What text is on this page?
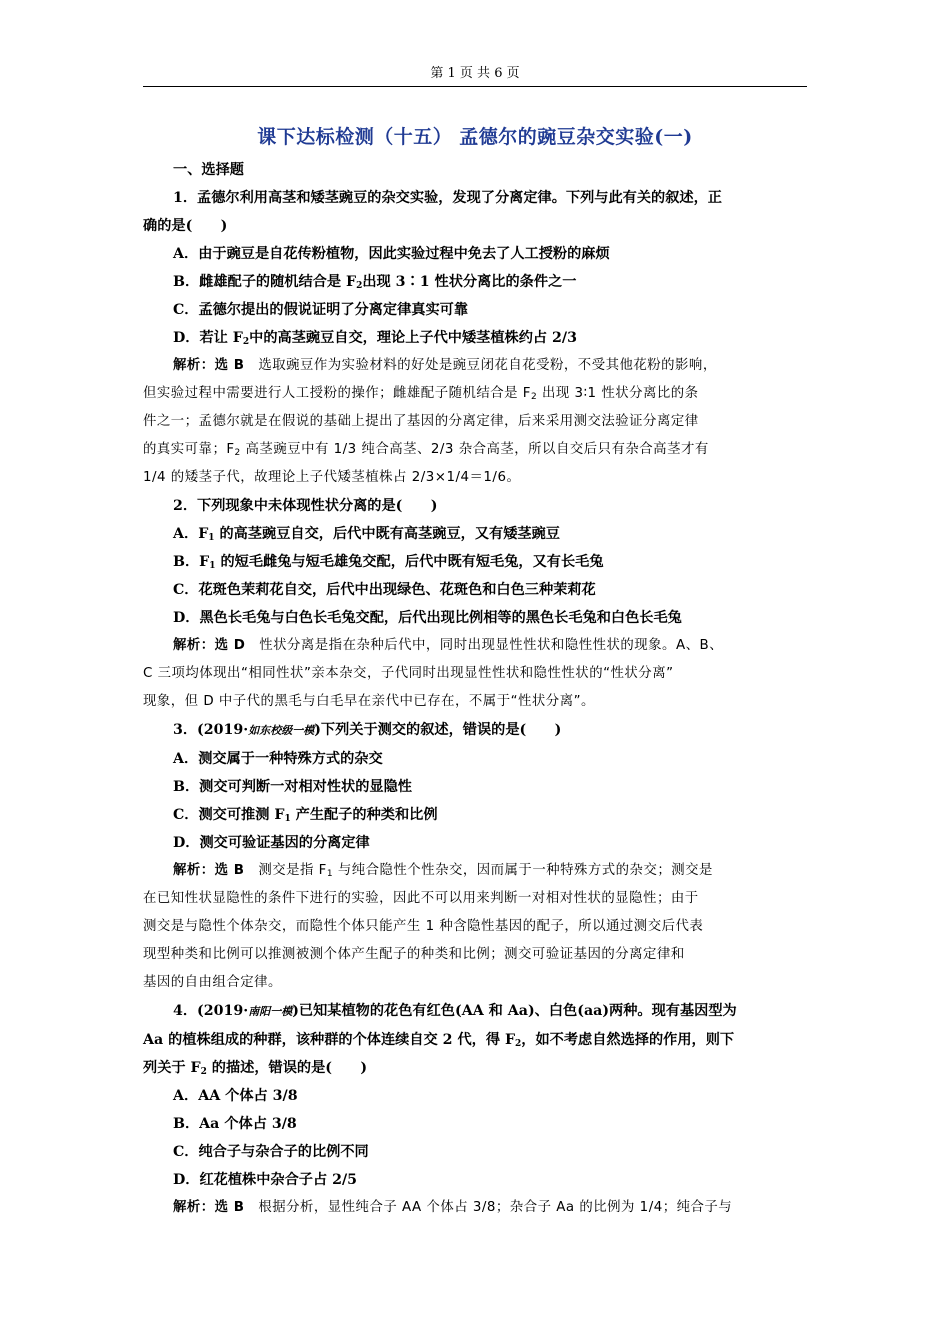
第 1 页 共 6 页
课下达标检测（十五） 孟德尔的豌豆杂交实验(一)

一、选择题

1．孟德尔利用高茎和矮茎豌豆的杂交实验，发现了分离定律。下列与此有关的叙述，正

确的是(　　)

A．由于豌豆是自花传粉植物，因此实验过程中免去了人工授粉的麻烦

B．雌雄配子的随机结合是 $F_2$出现 3∶1 性状分离比的条件之一

C．孟德尔提出的假说证明了分离定律真实可靠

D．若让 $F_2$中的高茎豌豆自交，理论上子代中矮茎植株约占 2/3

解析：选 B　选取豌豆作为实验材料的好处是豌豆闭花自花受粉，不受其他花粉的影响，

但实验过程中需要进行人工授粉的操作；雌雄配子随机结合是 $F_2$ 出现 3∶1 性状分离比的条

件之一；孟德尔就是在假说的基础上提出了基因的分离定律，后来采用测交法验证分离定律

的真实可靠；$F_2$ 高茎豌豆中有 1/3 纯合高茎、2/3 杂合高茎，所以自交后只有杂合高茎才有

1/4 的矮茎子代，故理论上子代矮茎植株占 2/3×1/4＝1/6。

2．下列现象中未体现性状分离的是(　　)

A．$F_1$ 的高茎豌豆自交，后代中既有高茎豌豆，又有矮茎豌豆

B．$F_1$ 的短毛雌兔与短毛雄兔交配，后代中既有短毛兔，又有长毛兔

C．花斑色茉莉花自交，后代中出现绿色、花斑色和白色三种茉莉花

D．黑色长毛兔与白色长毛兔交配，后代出现比例相等的黑色长毛兔和白色长毛兔

解析：选 D　性状分离是指在杂种后代中，同时出现显性性状和隐性性状的现象。A、B、

C 三项均体现出“相同性状”亲本杂交，子代同时出现显性性状和隐性性状的“性状分离”

现象，但 D 中子代的黑毛与白毛早在亲代中已存在，不属于“性状分离”。

3．(2019·如东校级一模)下列关于测交的叙述，错误的是(　　)

A．测交属于一种特殊方式的杂交

B．测交可判断一对相对性状的显隐性

C．测交可推测 $F_1$ 产生配子的种类和比例

D．测交可验证基因的分离定律

解析：选 B　测交是指 $F_1$ 与纯合隐性个性杂交，因而属于一种特殊方式的杂交；测交是

在已知性状显隐性的条件下进行的实验，因此不可以用来判断一对相对性状的显隐性；由于

测交是与隐性个体杂交，而隐性个体只能产生 1 种含隐性基因的配子，所以通过测交后代表

现型种类和比例可以推测被测个体产生配子的种类和比例；测交可验证基因的分离定律和

基因的自由组合定律。

4．(2019·南阳一模)已知某植物的花色有红色(AA 和 Aa)、白色(aa)两种。现有基因型为

Aa 的植株组成的种群，该种群的个体连续自交 2 代，得 $F_2$，如不考虑自然选择的作用，则下

列关于 $F_2$ 的描述，错误的是(　　)

A．AA 个体占 3/8

B．Aa 个体占 3/8

C．纯合子与杂合子的比例不同

D．红花植株中杂合子占 2/5

解析：选 B　根据分析，显性纯合子 AA 个体占 3/8；杂合子 Aa 的比例为 1/4；纯合子与
